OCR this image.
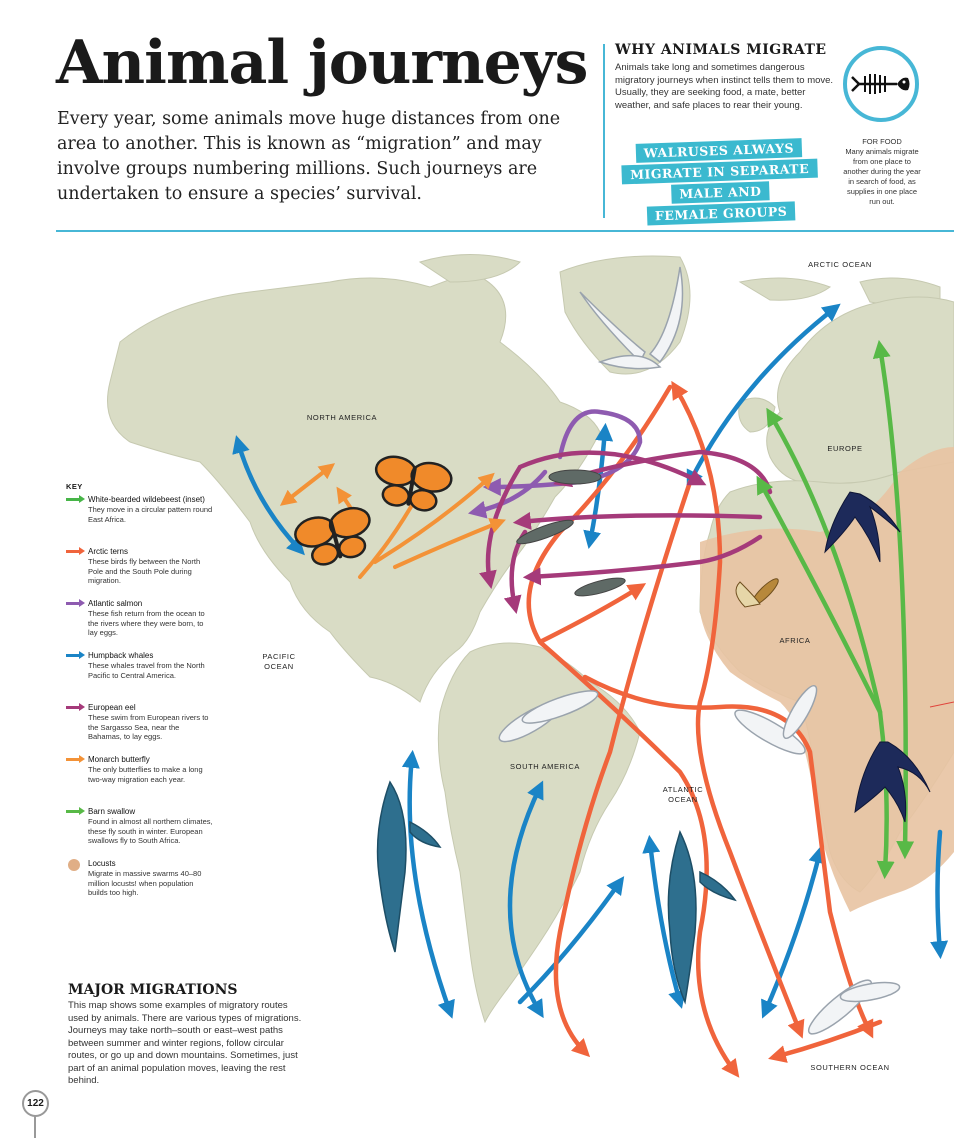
Animal journeys
Every year, some animals move huge distances from one area to another. This is known as “migration” and may involve groups numbering millions. Such journeys are undertaken to ensure a species’ survival.
WHY ANIMALS MIGRATE
Animals take long and sometimes dangerous migratory journeys when instinct tells them to move. Usually, they are seeking food, a mate, better weather, and safe places to rear their young.
WALRUSES ALWAYS
MIGRATE IN SEPARATE
MALE AND
FEMALE GROUPS
FOR FOOD
Many animals migrate from one place to another during the year in search of food, as supplies in one place run out.
ARCTIC OCEAN
NORTH AMERICA
EUROPE
AFRICA
PACIFIC OCEAN
SOUTH AMERICA
ATLANTIC OCEAN
SOUTHERN OCEAN
KEY
White-bearded wildebeest (inset)
They move in a circular pattern round East Africa.
Arctic terns
These birds fly between the North Pole and the South Pole during migration.
Atlantic salmon
These fish return from the ocean to the rivers where they were born, to lay eggs.
Humpback whales
These whales travel from the North Pacific to Central America.
European eel
These swim from European rivers to the Sargasso Sea, near the Bahamas, to lay eggs.
Monarch butterfly
The only butterflies to make a long two-way migration each year.
Barn swallow
Found in almost all northern climates, these fly south in winter. European swallows fly to South Africa.
Locusts
Migrate in massive swarms 40–80 million locusts! when population builds too high.
MAJOR MIGRATIONS
This map shows some examples of migratory routes used by animals. There are various types of migrations. Journeys may take north–south or east–west paths between summer and winter regions, follow circular routes, or go up and down mountains. Sometimes, just part of an animal population moves, leaving the rest behind.
122
